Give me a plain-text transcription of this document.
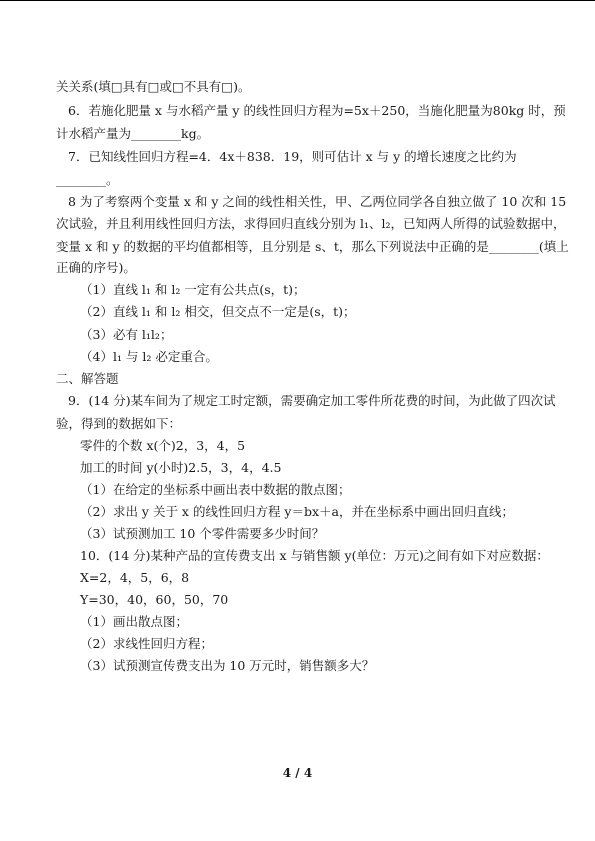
关关系(填□具有□或□不具有□)。
6．若施化肥量 x 与水稻产量 y 的线性回归方程为=5x＋250，当施化肥量为80kg 时，预
计水稻产量为________kg。
7．已知线性回归方程=4．4x＋838．19，则可估计 x 与 y 的增长速度之比约为
________。
8 为了考察两个变量 x 和 y 之间的线性相关性，甲、乙两位同学各自独立做了 10 次和 15
次试验，并且利用线性回归方法，求得回归直线分别为 l₁、l₂，已知两人所得的试验数据中，
变量 x 和 y 的数据的平均值都相等，且分别是 s、t，那么下列说法中正确的是________(填上
正确的序号)。
（1）直线 l₁ 和 l₂ 一定有公共点(s，t)；
（2）直线 l₁ 和 l₂ 相交，但交点不一定是(s，t)；
（3）必有 l₁l₂；
（4）l₁ 与 l₂ 必定重合。
二、解答题
9．(14 分)某车间为了规定工时定额，需要确定加工零件所花费的时间，为此做了四次试
验，得到的数据如下：
零件的个数 x(个)2，3，4，5
加工的时间 y(小时)2.5，3，4，4.5
（1）在给定的坐标系中画出表中数据的散点图；
（2）求出 y 关于 x 的线性回归方程 y＝bx＋a，并在坐标系中画出回归直线；
（3）试预测加工 10 个零件需要多少时间？
10．(14 分)某种产品的宣传费支出 x 与销售额 y(单位：万元)之间有如下对应数据：
X=2，4，5，6，8
Y=30，40，60，50，70
（1）画出散点图；
（2）求线性回归方程；
（3）试预测宣传费支出为 10 万元时，销售额多大？
4 / 4
